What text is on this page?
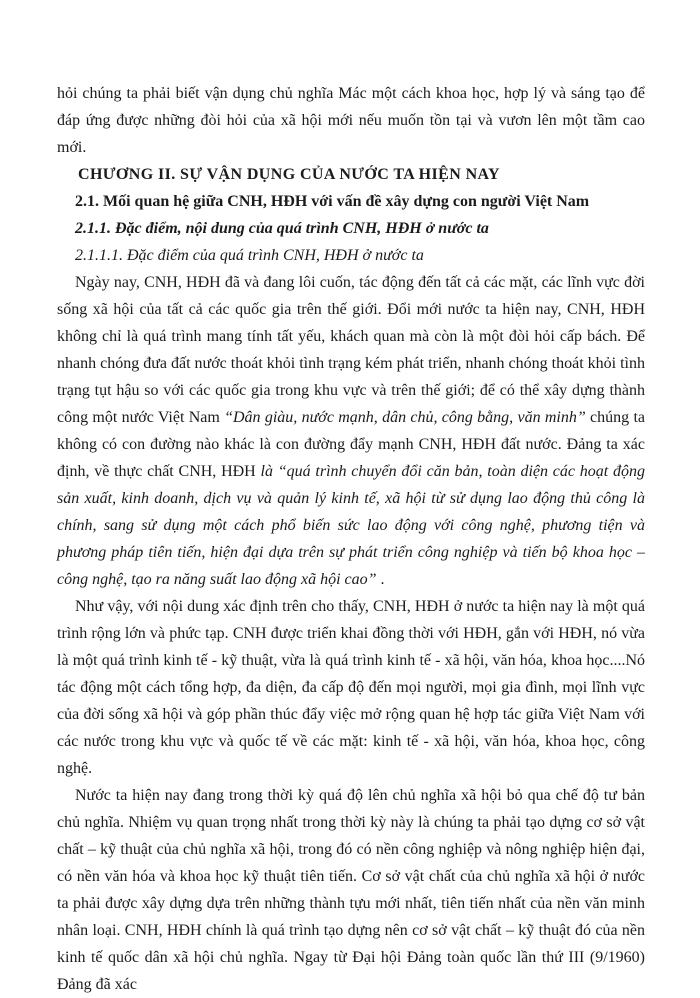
hỏi chúng ta phải biết vận dụng chủ nghĩa Mác một cách khoa học, hợp lý và sáng tạo để đáp ứng được những đòi hỏi của xã hội mới nếu muốn tồn tại và vươn lên một tầm cao mới.

CHƯƠNG II. SỰ VẬN DỤNG CỦA NƯỚC TA HIỆN NAY

2.1. Mối quan hệ giữa CNH, HĐH với vấn đề xây dựng con người Việt Nam

2.1.1. Đặc điểm, nội dung của quá trình CNH, HĐH ở nước ta

2.1.1.1. Đặc điểm của quá trình CNH, HĐH ở nước ta

Ngày nay, CNH, HĐH đã và đang lôi cuốn, tác động đến tất cả các mặt, các lĩnh vực đời sống xã hội của tất cả các quốc gia trên thế giới. Đổi mới nước ta hiện nay, CNH, HĐH không chỉ là quá trình mang tính tất yếu, khách quan mà còn là một đòi hỏi cấp bách. Để nhanh chóng đưa đất nước thoát khỏi tình trạng kém phát triển, nhanh chóng thoát khỏi tình trạng tụt hậu so với các quốc gia trong khu vực và trên thế giới; để có thể xây dựng thành công một nước Việt Nam “Dân giàu, nước mạnh, dân chủ, công bằng, văn minh” chúng ta không có con đường nào khác là con đường đẩy mạnh CNH, HĐH đất nước. Đảng ta xác định, về thực chất CNH, HĐH là “quá trình chuyển đổi căn bản, toàn diện các hoạt động sản xuất, kinh doanh, dịch vụ và quản lý kinh tế, xã hội từ sử dụng lao động thủ công là chính, sang sử dụng một cách phổ biến sức lao động với công nghệ, phương tiện và phương pháp tiên tiến, hiện đại dựa trên sự phát triển công nghiệp và tiến bộ khoa học – công nghệ, tạo ra năng suất lao động xã hội cao” .

Như vậy, với nội dung xác định trên cho thấy, CNH, HĐH ở nước ta hiện nay là một quá trình rộng lớn và phức tạp. CNH được triển khai đồng thời với HĐH, gắn với HĐH, nó vừa là một quá trình kinh tế - kỹ thuật, vừa là quá trình kinh tế - xã hội, văn hóa, khoa học....Nó tác động một cách tổng hợp, đa diện, đa cấp độ đến mọi người, mọi gia đình, mọi lĩnh vực của đời sống xã hội và góp phần thúc đẩy việc mở rộng quan hệ hợp tác giữa Việt Nam với các nước trong khu vực và quốc tế về các mặt: kinh tế - xã hội, văn hóa, khoa học, công nghệ.

Nước ta hiện nay đang trong thời kỳ quá độ lên chủ nghĩa xã hội bỏ qua chế độ tư bản chủ nghĩa. Nhiệm vụ quan trọng nhất trong thời kỳ này là chúng ta phải tạo dựng cơ sở vật chất – kỹ thuật của chủ nghĩa xã hội, trong đó có nền công nghiệp và nông nghiệp hiện đại, có nền văn hóa và khoa học kỹ thuật tiên tiến. Cơ sở vật chất của chủ nghĩa xã hội ở nước ta phải được xây dựng dựa trên những thành tựu mới nhất, tiên tiến nhất của nền văn minh nhân loại. CNH, HĐH chính là quá trình tạo dựng nên cơ sở vật chất – kỹ thuật đó của nền kinh tế quốc dân xã hội chủ nghĩa. Ngay từ Đại hội Đảng toàn quốc lần thứ III (9/1960) Đảng đã xác
